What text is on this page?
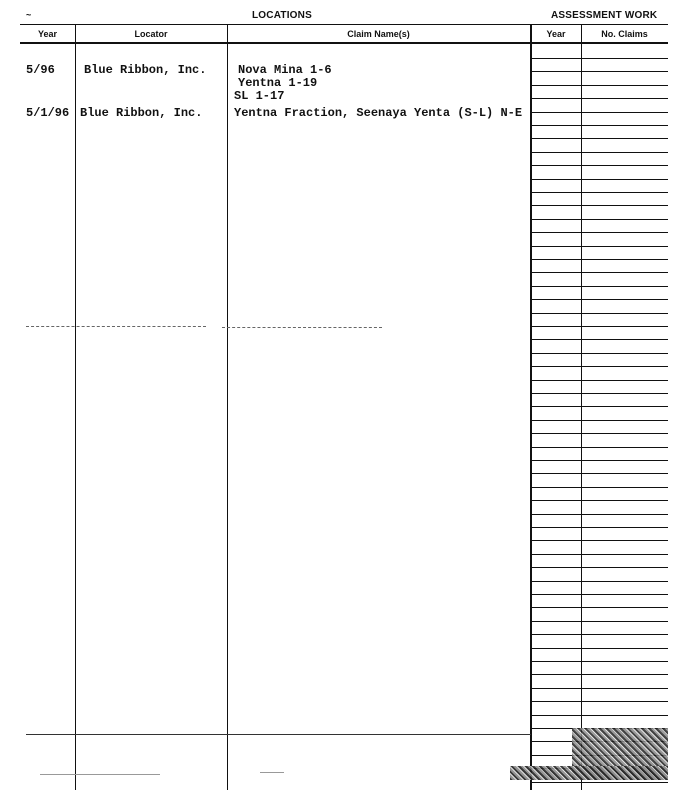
~	LOCATIONS	ASSESSMENT WORK
Year	Locator	Claim Name(s)	Year	No. Claims
5/96 Blue Ribbon, Inc.	Nova Mina 1-6
Yentna 1-19
SL 1-17
5/1/96 Blue Ribbon, Inc.	Yentna Fraction, Seenaya Yenta (S-L) N-E
